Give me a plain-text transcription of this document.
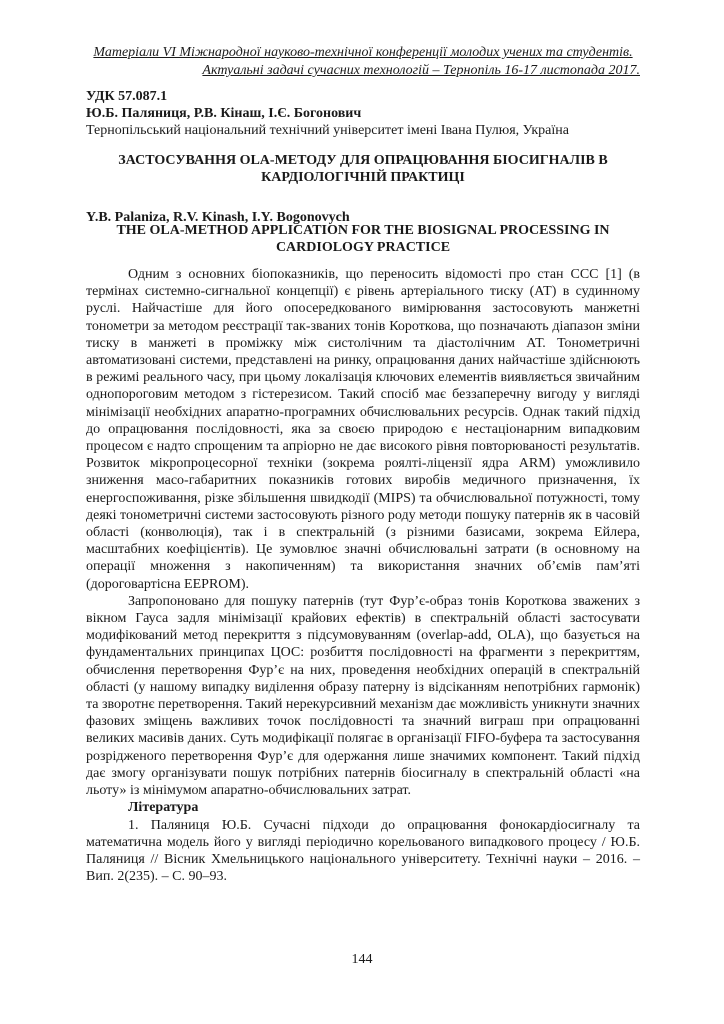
Матеріали VI Міжнародної науково-технічної конференції молодих учених та студентів.
Актуальні задачі сучасних технологій – Тернопіль 16-17 листопада 2017.
УДК 57.087.1
Ю.Б. Паляниця, Р.В. Кінаш, І.Є. Богонович
Тернопільський національний технічний університет імені Івана Пулюя, Україна
ЗАСТОСУВАННЯ OLA-МЕТОДУ ДЛЯ ОПРАЦЮВАННЯ БІОСИГНАЛІВ В КАРДІОЛОГІЧНІЙ ПРАКТИЦІ
Y.B. Palaniza, R.V. Kinash, I.Y. Bogonovych
THE OLA-METHOD APPLICATION FOR THE BIOSIGNAL PROCESSING IN CARDIOLOGY PRACTICE

Одним з основних біопоказників, що переносить відомості про стан ССС [1] (в термінах системно-сигнальної концепції) є рівень артеріального тиску (АТ) в судинному руслі. Найчастіше для його опосередкованого вимірювання застосовують манжетні тонометри за методом реєстрації так-званих тонів Короткова, що позначають діапазон зміни тиску в манжеті в проміжку між систолічним та діастолічним АТ. Тонометричні автоматизовані системи, представлені на ринку, опрацювання даних найчастіше здійснюють в режимі реального часу, при цьому локалізація ключових елементів виявляється звичайним однопороговим методом з гістерезисом. Такий спосіб має беззаперечну вигоду у вигляді мінімізації необхідних апаратно-програмних обчислювальних ресурсів. Однак такий підхід до опрацювання послідовності, яка за своєю природою є нестаціонарним випадковим процесом є надто спрощеним та апріорно не дає високого рівня повторюваності результатів. Розвиток мікропроцесорної техніки (зокрема роялті-ліцензії ядра ARM) уможливило зниження масо-габаритних показників готових виробів медичного призначення, їх енергоспоживання, різке збільшення швидкодії (MIPS) та обчислювальної потужності, тому деякі тонометричні системи застосовують різного роду методи пошуку патернів як в часовій області (конволюція), так і в спектральній (з різними базисами, зокрема Ейлера, масштабних коефіцієнтів). Це зумовлює значні обчислювальні затрати (в основному на операції множення з накопиченням) та використання значних об’ємів пам’яті (дороговартісна EEPROM).

Запропоновано для пошуку патернів (тут Фур’є-образ тонів Короткова зважених з вікном Гауса задля мінімізації крайових ефектів) в спектральній області застосувати модифікований метод перекриття з підсумовуванням (overlap-add, OLA), що базується на фундаментальних принципах ЦОС: розбиття послідовності на фрагменти з перекриттям, обчислення перетворення Фур’є на них, проведення необхідних операцій в спектральній області (у нашому випадку виділення образу патерну із відсіканням непотрібних гармонік) та зворотнє перетворення. Такий нерекурсивний механізм дає можливість уникнути значних фазових зміщень важливих точок послідовності та значний виграш при опрацюванні великих масивів даних. Суть модифікації полягає в організації FIFO-буфера та застосування розрідженого перетворення Фур’є для одержання лише значимих компонент. Такий підхід дає змогу організувати пошук потрібних патернів біосигналу в спектральній області «на льоту» із мінімумом апаратно-обчислювальних затрат.

Література

1. Паляниця Ю.Б. Сучасні підходи до опрацювання фонокардіосигналу та математична модель його у вигляді періодично корельованого випадкового процесу / Ю.Б. Паляниця // Вісник Хмельницького національного університету. Технічні науки – 2016. – Вип. 2(235). – С. 90–93.

144
